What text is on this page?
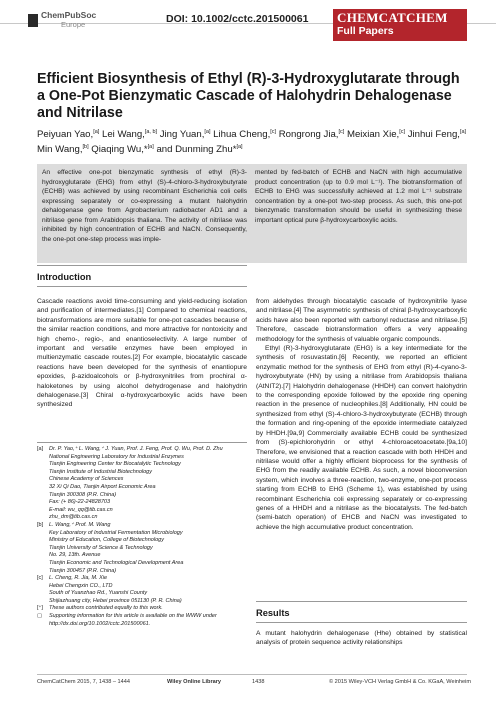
ChemPubSoc
Europe	DOI: 10.1002/cctc.201500061 CHEMCATCHEM
Full Papers
Efficient Biosynthesis of Ethyl (R)-3-Hydroxyglutarate through a One-Pot Bienzymatic Cascade of Halohydrin Dehalogenase and Nitrilase
Peiyuan Yao,[a] Lei Wang,[a, b] Jing Yuan,[a] Lihua Cheng,[c] Rongrong Jia,[c] Meixian Xie,[c] Jinhui Feng,[a] Min Wang,[b] Qiaqing Wu,*[a] and Dunming Zhu*[a]
An effective one-pot bienzymatic synthesis of ethyl (R)-3-hydroxyglutarate (EHG) from ethyl (S)-4-chloro-3-hydroxybutyrate (ECHB) was achieved by using recombinant Escherichia coli cells expressing separately or co-expressing a mutant halohydrin dehalogenase gene from Agrobacterium radiobacter AD1 and a nitrilase gene from Arabidopsis thaliana. The activity of nitrilase was inhibited by high concentration of ECHB and NaCN. Consequently, the one-pot one-step process was imple-
mented by fed-batch of ECHB and NaCN with high accumulative product concentration (up to 0.9 mol L⁻¹). The biotransformation of ECHB to EHG was successfully achieved at 1.2 mol L⁻¹ substrate concentration by a one-pot two-step process. As such, this one-pot bienzymatic transformation should be useful in synthesizing these important optical pure β-hydroxycarboxylic acids.
Introduction

Cascade reactions avoid time-consuming and yield-reducing isolation and purification of intermediates.[1] Compared to chemical reactions, biotransformations are more suitable for one-pot cascades because of the similar reaction conditions, and more attractive for nontoxicity and high chemo-, regio-, and enantioselectivity. A large number of important and versatile enzymes have been employed in multienzymatic cascade routes.[2] For example, biocatalytic cascade reactions have been developed for the synthesis of enantiopure epoxides, β-azidoalcohols or β-hydroxynitriles from prochiral α-haloketones by using alcohol dehydrogenase and halohydrin dehalogenase.[3] Chiral α-hydroxycarboxylic acids have been synthesized

from aldehydes through biocatalytic cascade of hydroxynitrile lyase and nitrilase.[4] The asymmetric synthesis of chiral β-hydroxycarboxylic acids have also been reported with carbonyl reductase and nitrilase.[5] Therefore, cascade biotransformation offers a very appealing methodology for the synthesis of valuable organic compounds.

Ethyl (R)-3-hydroxyglutarate (EHG) is a key intermediate for the synthesis of rosuvastatin.[6] Recently, we reported an efficient enzymatic method for the synthesis of EHG from ethyl (R)-4-cyano-3-hydroxybutyrate (HN) by using a nitrilase from Arabidopsis thaliana (AtNIT2).[7] Halohydrin dehalogenase (HHDH) can convert halohydrin to the corresponding epoxide followed by the epoxide ring opening reaction in the presence of nucleophiles.[8] Additionally, HN could be synthesized from ethyl (S)-4-chloro-3-hydroxybutyrate (ECHB) through the formation and ring-opening of the epoxide intermediate catalyzed by HHDH.[9a,9] Commercially available ECHB could be synthesized from (S)-epichlorohydrin or ethyl 4-chloroacetoacetate.[9a,10] Therefore, we envisioned that a reaction cascade with both HHDH and nitrilase would offer a highly efficient bioprocess for the synthesis of EHG from the readily available ECHB. As such, a novel bioconversion system, which involves a three-reaction, two-enzyme, one-pot process starting from ECHB to EHG (Scheme 1), was established by using recombinant Escherichia coli expressing separately or co-expressing genes of a HHDH and a nitrilase as the biocatalysts. The fed-batch (semi-batch operation) of EHCB and NaCN was investigated to achieve the high accumulative product concentration.

[a]	Dr. P. Yao,⁺ L. Wang,⁺ J. Yuan, Prof. J. Feng, Prof. Q. Wu, Prof. D. Zhu
National Engineering Laboratory for Industrial Enzymes
Tianjin Engineering Center for Biocatalytic Technology
Tianjin Institute of Industrial Biotechnology
Chinese Academy of Sciences
32 Xi Qi Dao, Tianjin Airport Economic Area
Tianjin 300308 (P.R. China)
Fax: (+ 86)-22-24828703
E-mail: wu_qq@tib.cas.cn
zhu_dm@tib.cas.cn
[b]	L. Wang,⁺ Prof. M. Wang
Key Laboratory of Industrial Fermentation Microbiology
Ministry of Education, College of Biotechnology
Tianjin University of Science & Technology
No. 29, 13th. Avenue
Tianjin Economic and Technological Development Area
Tianjin 300457 (P.R. China)
[c]	L. Cheng, R. Jia, M. Xie
Hebei Chengxin CO., LTD
South of Yuanzhao Rd., Yuanshi County
Shijiazhuang city, Hebei province 051130 (P. R. China)
[⁺]	These authors contributed equally to this work.
▢	Supporting information for this article is available on the WWW under http://dx.doi.org/10.1002/cctc.201500061.
Results
A mutant halohydrin dehalogenase (Hhe) obtained by statistical analysis of protein sequence activity relationships
ChemCatChem 2015, 7, 1438 – 1444	Wiley Online Library	1438	© 2015 Wiley-VCH Verlag GmbH & Co. KGaA, Weinheim
